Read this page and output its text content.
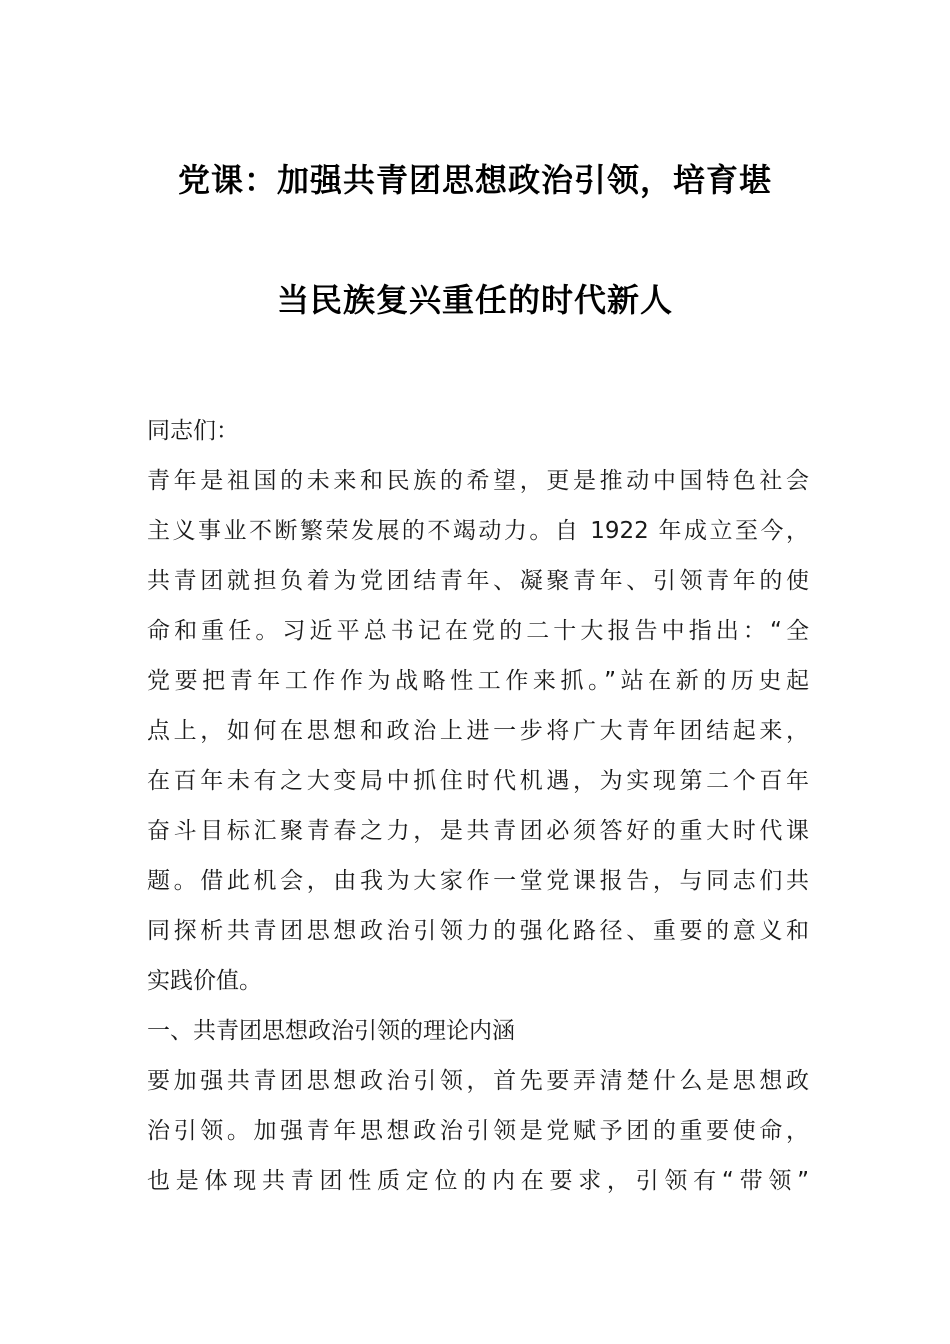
党课：加强共青团思想政治引领，培育堪
当民族复兴重任的时代新人
同志们：
青年是祖国的未来和民族的希望，更是推动中国特色社会
主义事业不断繁荣发展的不竭动力。自 1922 年成立至今，
共青团就担负着为党团结青年、凝聚青年、引领青年的使
命和重任。习近平总书记在党的二十大报告中指出：“全
党要把青年工作作为战略性工作来抓。”站在新的历史起
点上，如何在思想和政治上进一步将广大青年团结起来，
在百年未有之大变局中抓住时代机遇，为实现第二个百年
奋斗目标汇聚青春之力，是共青团必须答好的重大时代课
题。借此机会，由我为大家作一堂党课报告，与同志们共
同探析共青团思想政治引领力的强化路径、重要的意义和
实践价值。
一、共青团思想政治引领的理论内涵
要加强共青团思想政治引领，首先要弄清楚什么是思想政
治引领。加强青年思想政治引领是党赋予团的重要使命，
也是体现共青团性质定位的内在要求，引领有“带领”
